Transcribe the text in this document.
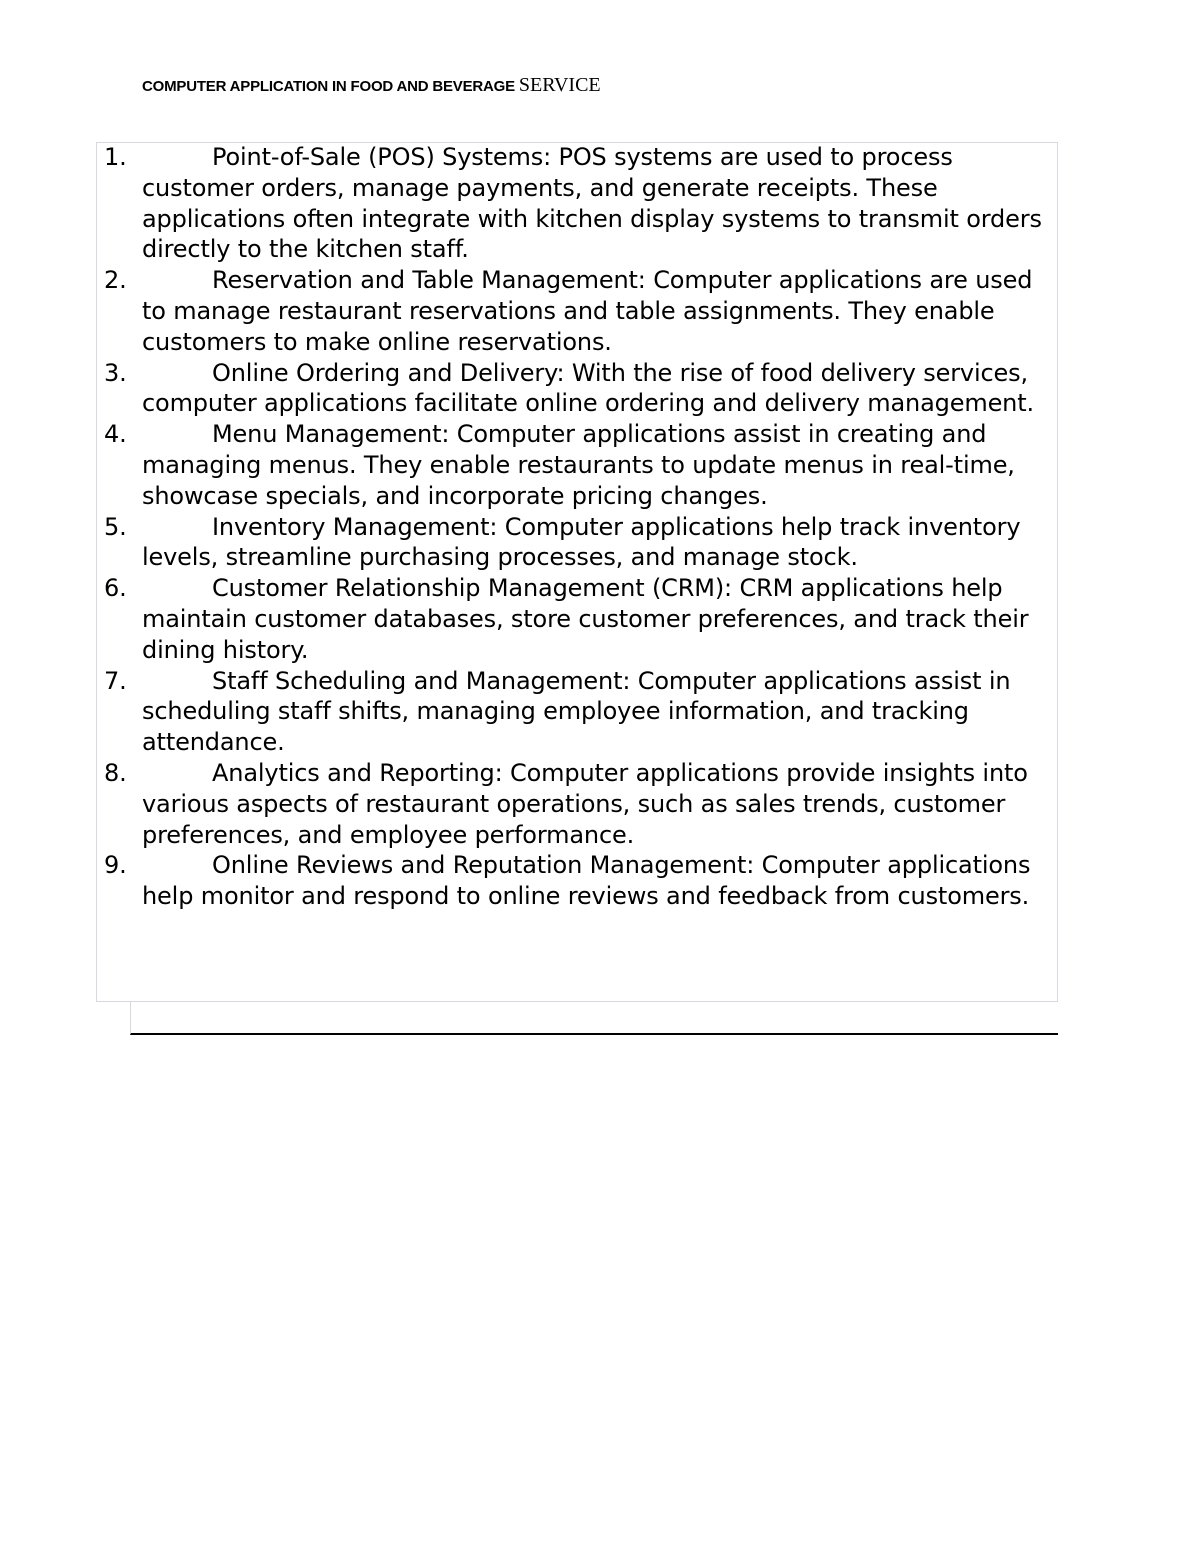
COMPUTER APPLICATION IN FOOD AND BEVERAGE SERVICE
1.	Point-of-Sale (POS) Systems: POS systems are used to process customer orders, manage payments, and generate receipts. These applications often integrate with kitchen display systems to transmit orders directly to the kitchen staff.
2.	Reservation and Table Management: Computer applications are used to manage restaurant reservations and table assignments. They enable customers to make online reservations.
3.	Online Ordering and Delivery: With the rise of food delivery services, computer applications facilitate online ordering and delivery management.
4.	Menu Management: Computer applications assist in creating and managing menus. They enable restaurants to update menus in real-time, showcase specials, and incorporate pricing changes.
5.	Inventory Management: Computer applications help track inventory levels, streamline purchasing processes, and manage stock.
6.	Customer Relationship Management (CRM): CRM applications help maintain customer databases, store customer preferences, and track their dining history.
7.	Staff Scheduling and Management: Computer applications assist in scheduling staff shifts, managing employee information, and tracking attendance.
8.	Analytics and Reporting: Computer applications provide insights into various aspects of restaurant operations, such as sales trends, customer preferences, and employee performance.
9.	Online Reviews and Reputation Management: Computer applications help monitor and respond to online reviews and feedback from customers.
